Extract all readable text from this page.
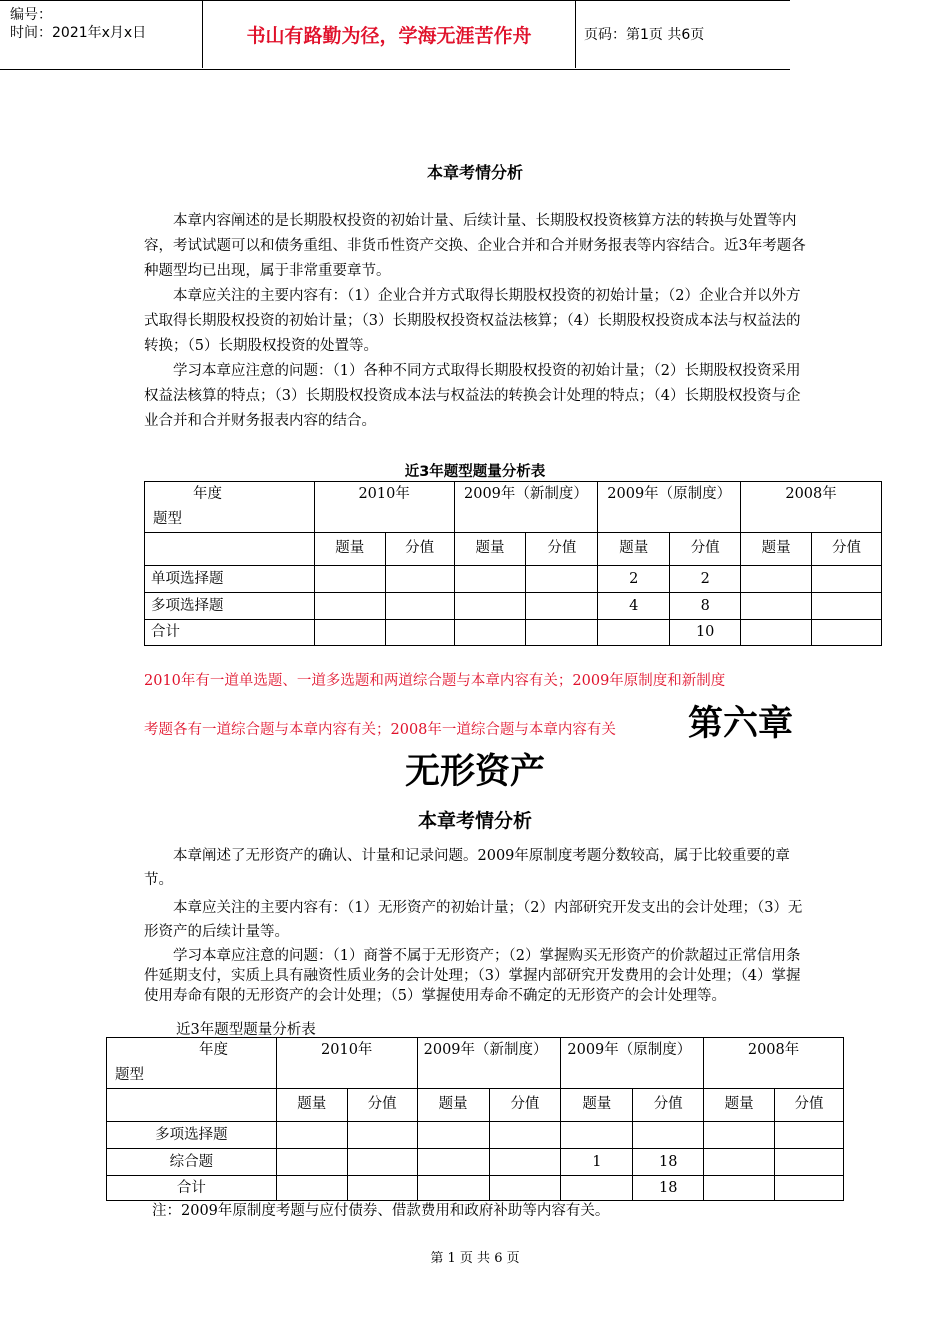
编号：
时间：2021年x月x日	书山有路勤为径，学海无涯苦作舟	页码：第1页 共6页
本章考情分析

本章内容阐述的是长期股权投资的初始计量、后续计量、长期股权投资核算方法的转换与处置等内容，考试试题可以和债务重组、非货币性资产交换、企业合并和合并财务报表等内容结合。近3年考题各种题型均已出现，属于非常重要章节。

本章应关注的主要内容有：（1）企业合并方式取得长期股权投资的初始计量；（2）企业合并以外方式取得长期股权投资的初始计量；（3）长期股权投资权益法核算；（4）长期股权投资成本法与权益法的转换；（5）长期股权投资的处置等。

学习本章应注意的问题：（1）各种不同方式取得长期股权投资的初始计量；（2）长期股权投资采用权益法核算的特点；（3）长期股权投资成本法与权益法的转换会计处理的特点；（4）长期股权投资与企业合并和合并财务报表内容的结合。

近3年题型题量分析表
年度
题型	2010年		2009年（新制度）		2009年（原制度）		2008年	
	题量	分值	题量	分值	题量	分值	题量	分值
单项选择题					2	2		
多项选择题					4	8		
合计						10		
2010年有一道单选题、一道多选题和两道综合题与本章内容有关；2009年原制度和新制度
考题各有一道综合题与本章内容有关；2008年一道综合题与本章内容有关 第六章
无形资产
本章考情分析

本章阐述了无形资产的确认、计量和记录问题。2009年原制度考题分数较高，属于比较重要的章节。

本章应关注的主要内容有：（1）无形资产的初始计量；（2）内部研究开发支出的会计处理；（3）无形资产的后续计量等。

学习本章应注意的问题：（1）商誉不属于无形资产；（2）掌握购买无形资产的价款超过正常信用条件延期支付，实质上具有融资性质业务的会计处理；（3）掌握内部研究开发费用的会计处理；（4）掌握使用寿命有限的无形资产的会计处理；（5）掌握使用寿命不确定的无形资产的会计处理等。

近3年题型题量分析表
年度
题型	2010年		2009年（新制度）		2009年（原制度）		2008年	
	题量	分值	题量	分值	题量	分值	题量	分值
多项选择题								
综合题					1	18		
合计						18		
注：2009年原制度考题与应付债券、借款费用和政府补助等内容有关。
第 1 页 共 6 页
